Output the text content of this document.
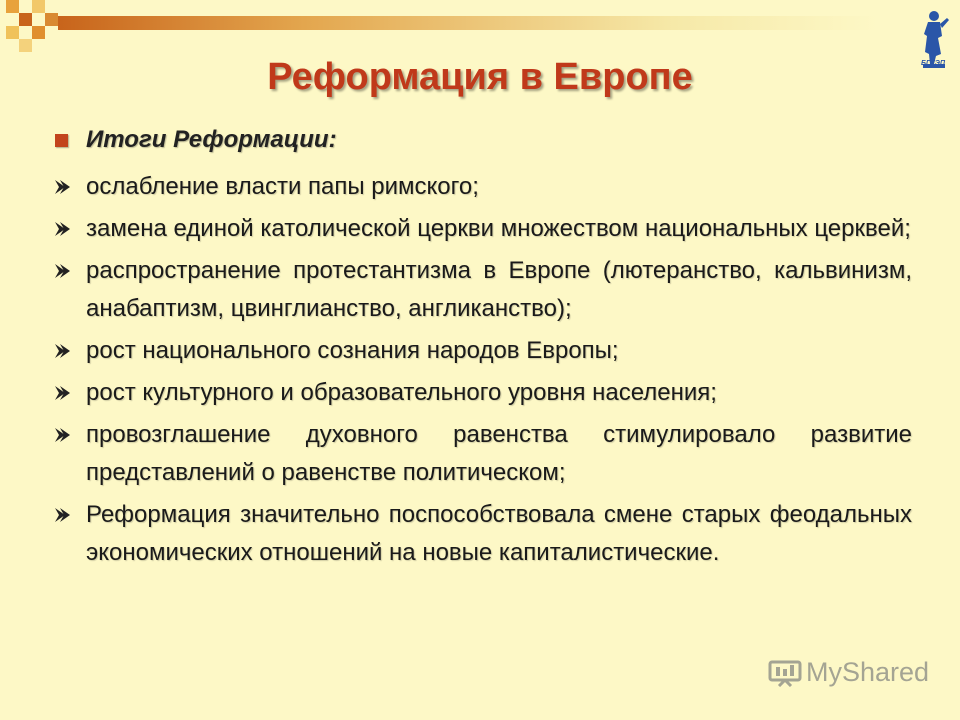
БГУЭП
Реформация в Европе
Итоги Реформации:
ослабление власти папы римского;
замена единой католической церкви множеством национальных церквей;
распространение протестантизма в Европе (лютеранство, кальвинизм, анабаптизм, цвинглианство, англиканство);
рост национального сознания народов Европы;
рост культурного и образовательного уровня населения;
провозглашение духовного равенства стимулировало развитие представлений о равенстве политическом;
Реформация значительно поспособствовала смене старых феодальных экономических отношений на новые капиталистические.
MyShared
